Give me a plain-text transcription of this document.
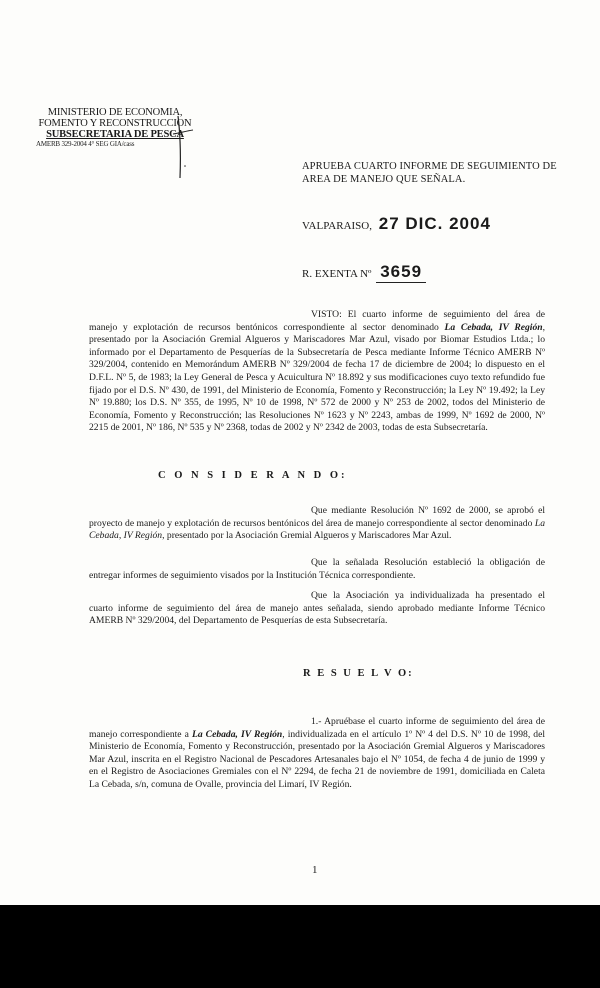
MINISTERIO DE ECONOMIA,
FOMENTO Y RECONSTRUCCION
SUBSECRETARIA DE PESCA
AMERB 329-2004 4° SEG GIA/cass
APRUEBA CUARTO INFORME DE SEGUIMIENTO DE AREA DE MANEJO QUE SEÑALA.
VALPARAISO, 27 DIC. 2004
R. EXENTA Nº 3659
VISTO: El cuarto informe de seguimiento del área de manejo y explotación de recursos bentónicos correspondiente al sector denominado La Cebada, IV Región, presentado por la Asociación Gremial Algueros y Mariscadores Mar Azul, visado por Biomar Estudios Ltda.; lo informado por el Departamento de Pesquerías de la Subsecretaría de Pesca mediante Informe Técnico AMERB Nº 329/2004, contenido en Memorándum AMERB Nº 329/2004 de fecha 17 de diciembre de 2004; lo dispuesto en el D.F.L. Nº 5, de 1983; la Ley General de Pesca y Acuicultura Nº 18.892 y sus modificaciones cuyo texto refundido fue fijado por el D.S. Nº 430, de 1991, del Ministerio de Economía, Fomento y Reconstrucción; la Ley Nº 19.492; la Ley Nº 19.880; los D.S. Nº 355, de 1995, Nº 10 de 1998, Nº 572 de 2000 y Nº 253 de 2002, todos del Ministerio de Economía, Fomento y Reconstrucción; las Resoluciones Nº 1623 y Nº 2243, ambas de 1999, Nº 1692 de 2000, Nº 2215 de 2001, Nº 186, Nº 535 y Nº 2368, todas de 2002 y Nº 2342 de 2003, todas de esta Subsecretaría.
C O N S I D E R A N D O:
Que mediante Resolución Nº 1692 de 2000, se aprobó el proyecto de manejo y explotación de recursos bentónicos del área de manejo correspondiente al sector denominado La Cebada, IV Región, presentado por la Asociación Gremial Algueros y Mariscadores Mar Azul.
Que la señalada Resolución estableció la obligación de entregar informes de seguimiento visados por la Institución Técnica correspondiente.
Que la Asociación ya individualizada ha presentado el cuarto informe de seguimiento del área de manejo antes señalada, siendo aprobado mediante Informe Técnico AMERB Nº 329/2004, del Departamento de Pesquerías de esta Subsecretaría.
R E S U E L V O:
1.- Apruébase el cuarto informe de seguimiento del área de manejo correspondiente a La Cebada, IV Región, individualizada en el artículo 1º Nº 4 del D.S. Nº 10 de 1998, del Ministerio de Economía, Fomento y Reconstrucción, presentado por la Asociación Gremial Algueros y Mariscadores Mar Azul, inscrita en el Registro Nacional de Pescadores Artesanales bajo el Nº 1054, de fecha 4 de junio de 1999 y en el Registro de Asociaciones Gremiales con el Nº 2294, de fecha 21 de noviembre de 1991, domiciliada en Caleta La Cebada, s/n, comuna de Ovalle, provincia del Limarí, IV Región.
1
